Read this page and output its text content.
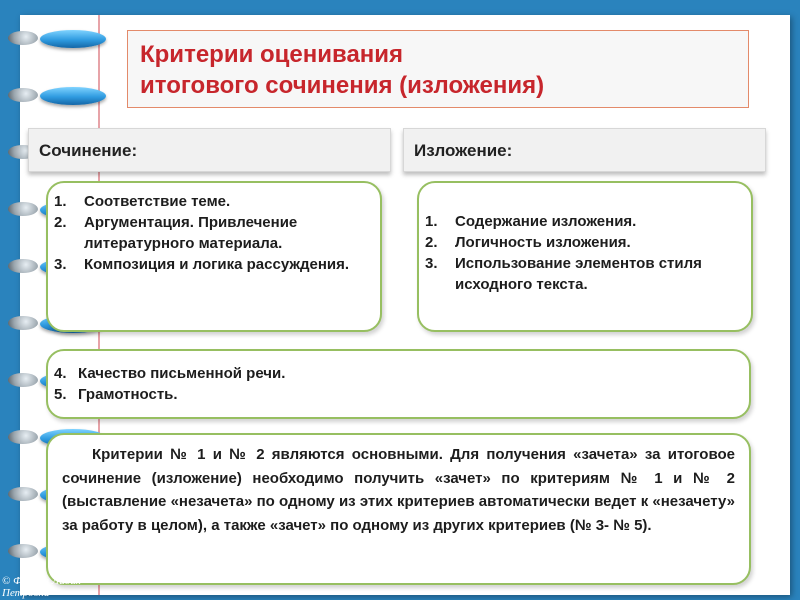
Критерии оценивания
итогового сочинения (изложения)
Сочинение:	Изложение:
1. Соответствие теме.
2. Аргументация. Привлечение литературного материала.
3. Композиция и логика рассуждения.
1. Содержание изложения.
2. Логичность изложения.
3. Использование элементов стиля исходного текста.
4. Качество письменной речи.
5. Грамотность.
Критерии № 1 и № 2 являются основными. Для получения «зачета» за итоговое сочинение (изложение) необходимо получить «зачет» по критериям № 1 и № 2 (выставление «незачета» по одному из этих критериев автоматически ведет к «незачету» за работу в целом), а также «зачет» по одному из других критериев (№ 3- № 5).
© Фокина Лидия
Петровна
